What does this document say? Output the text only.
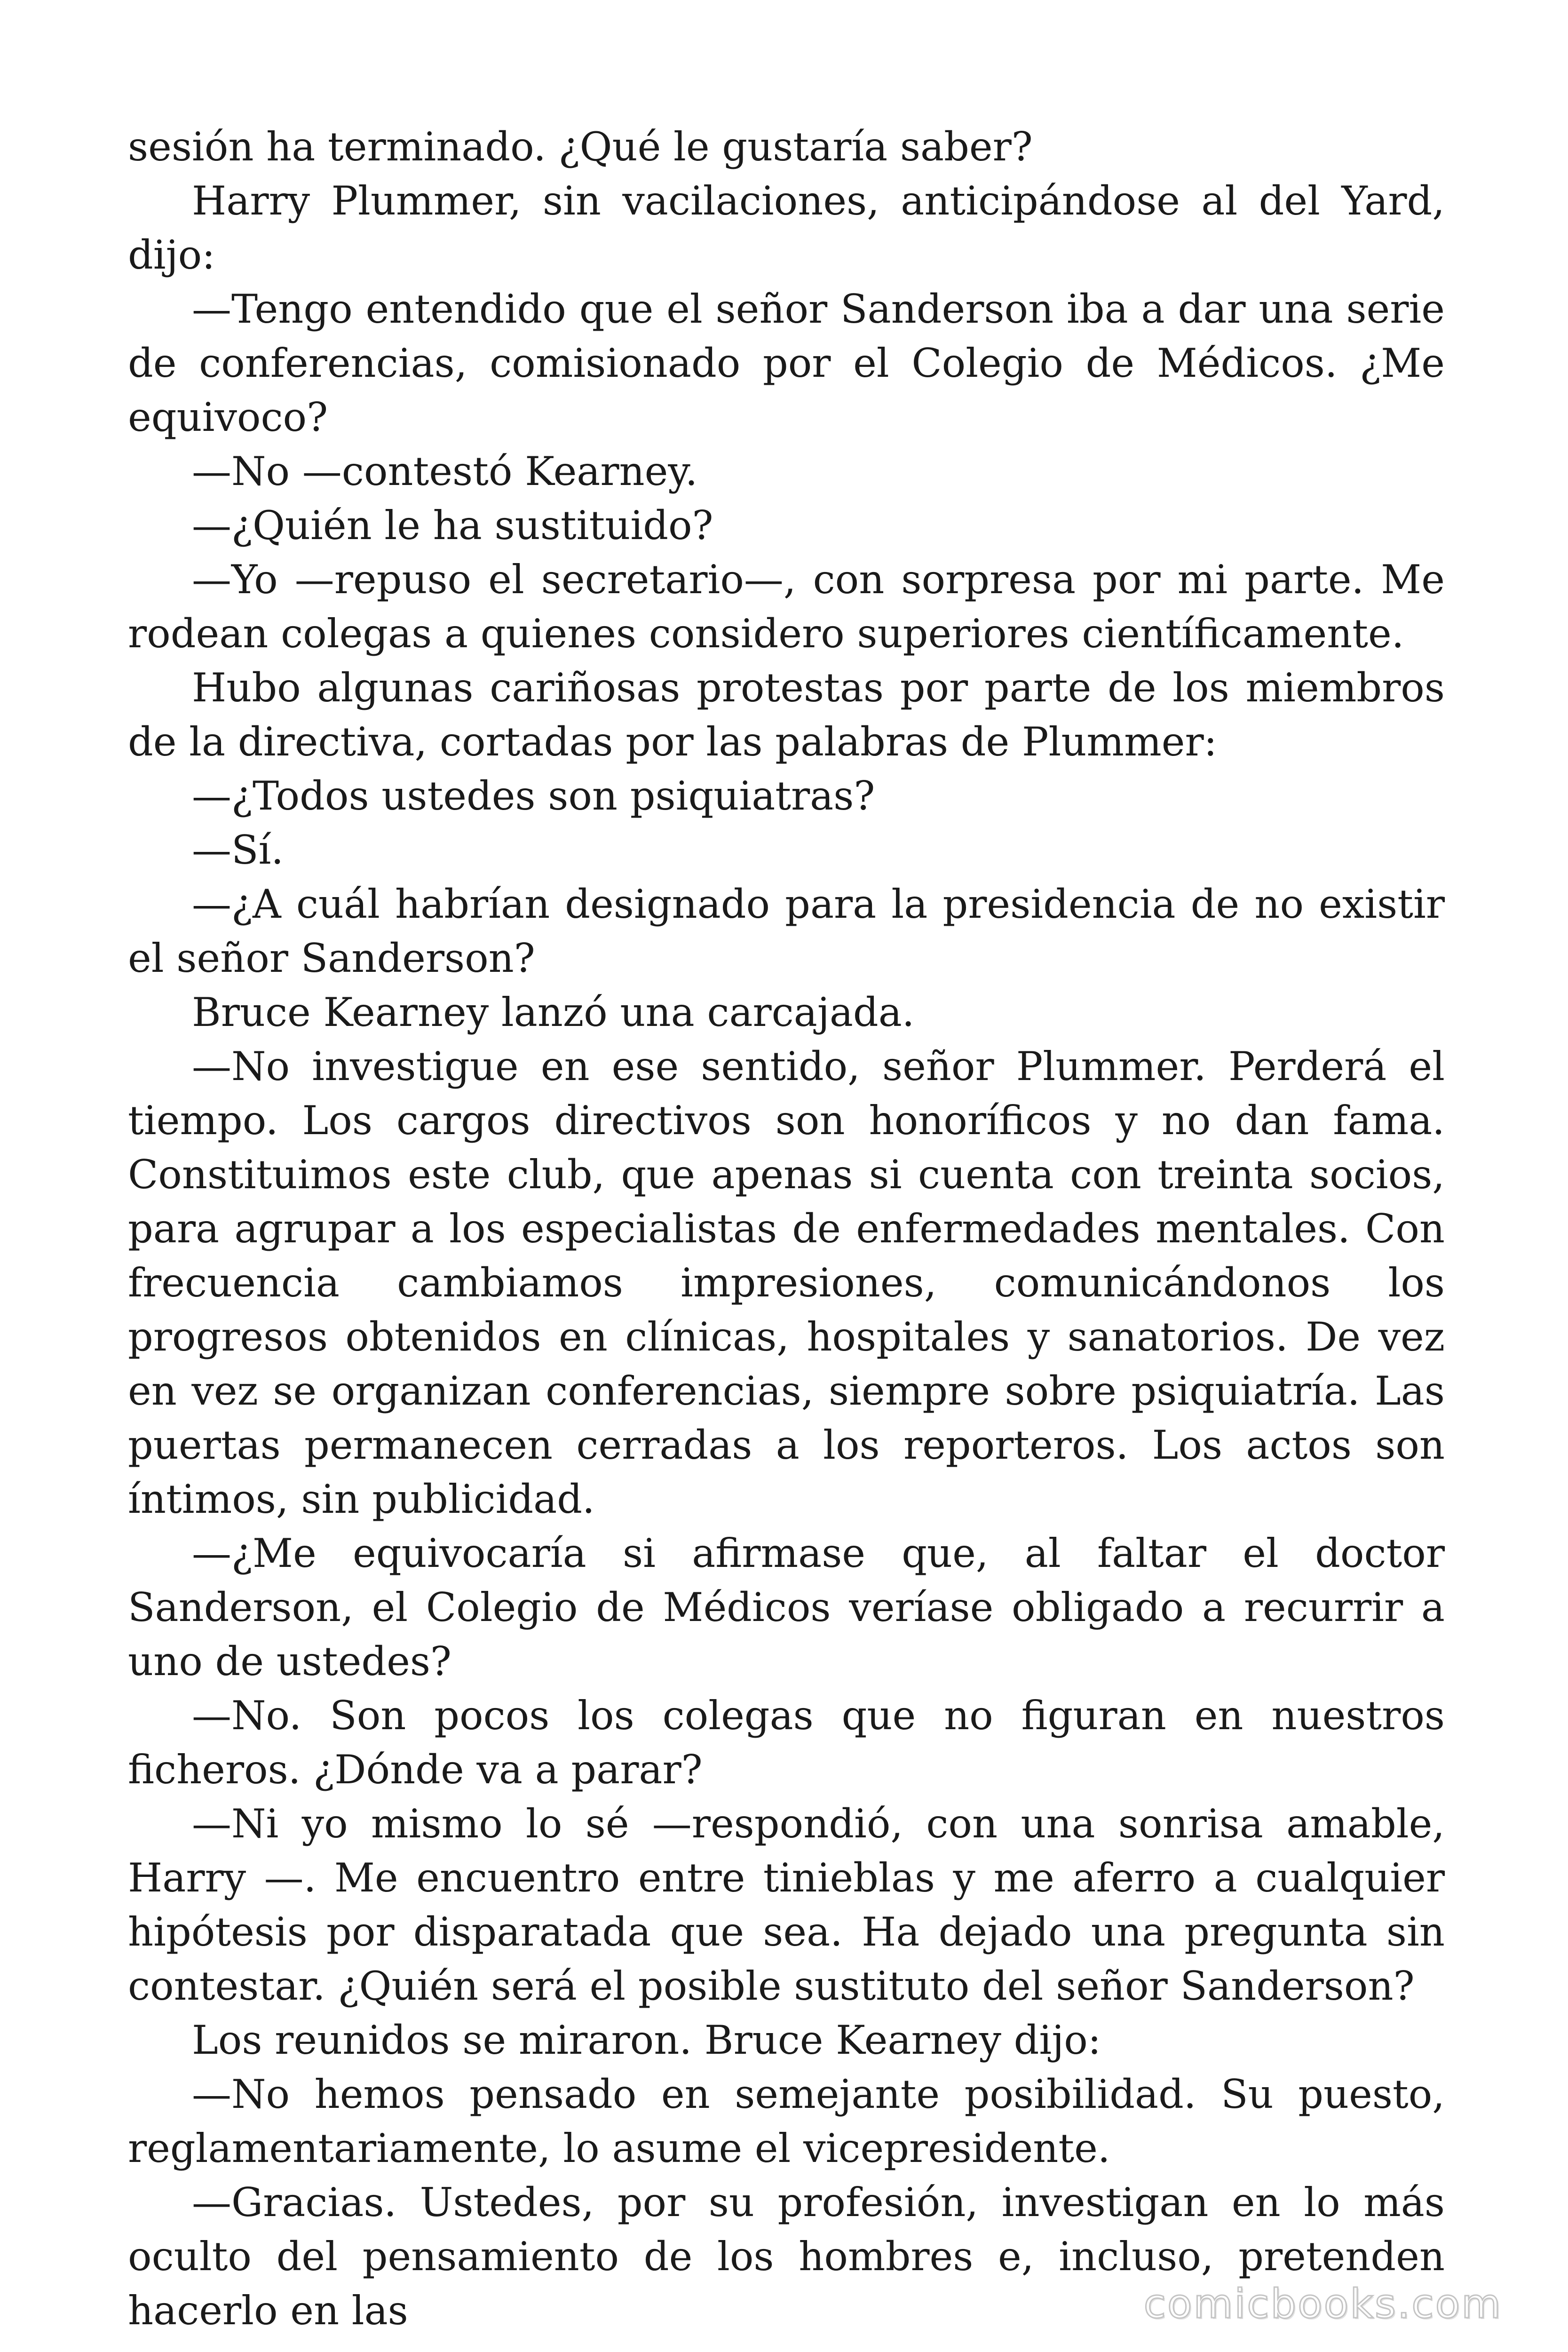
sesión ha terminado. ¿Qué le gustaría saber?

Harry Plummer, sin vacilaciones, anticipándose al del Yard, dijo:

—Tengo entendido que el señor Sanderson iba a dar una serie de conferencias, comisionado por el Colegio de Médicos. ¿Me equivoco?

—No —contestó Kearney.

—¿Quién le ha sustituido?

—Yo —repuso el secretario—, con sorpresa por mi parte. Me rodean colegas a quienes considero superiores científicamente.

Hubo algunas cariñosas protestas por parte de los miembros de la directiva, cortadas por las palabras de Plummer:

—¿Todos ustedes son psiquiatras?

—Sí.

—¿A cuál habrían designado para la presidencia de no existir el señor Sanderson?

Bruce Kearney lanzó una carcajada.

—No investigue en ese sentido, señor Plummer. Perderá el tiempo. Los cargos directivos son honoríficos y no dan fama. Constituimos este club, que apenas si cuenta con treinta socios, para agrupar a los especialistas de enfermedades mentales. Con frecuencia cambiamos impresiones, comunicándonos los progresos obtenidos en clínicas, hospitales y sanatorios. De vez en vez se organizan conferencias, siempre sobre psiquiatría. Las puertas permanecen cerradas a los reporteros. Los actos son íntimos, sin publicidad.

—¿Me equivocaría si afirmase que, al faltar el doctor Sanderson, el Colegio de Médicos veríase obligado a recurrir a uno de ustedes?

—No. Son pocos los colegas que no figuran en nuestros ficheros. ¿Dónde va a parar?

—Ni yo mismo lo sé —respondió, con una sonrisa amable, Harry —. Me encuentro entre tinieblas y me aferro a cualquier hipótesis por disparatada que sea. Ha dejado una pregunta sin contestar. ¿Quién será el posible sustituto del señor Sanderson?

Los reunidos se miraron. Bruce Kearney dijo:

—No hemos pensado en semejante posibilidad. Su puesto, reglamentariamente, lo asume el vicepresidente.

—Gracias. Ustedes, por su profesión, investigan en lo más oculto del pensamiento de los hombres e, incluso, pretenden hacerlo en las	comicbooks.com
